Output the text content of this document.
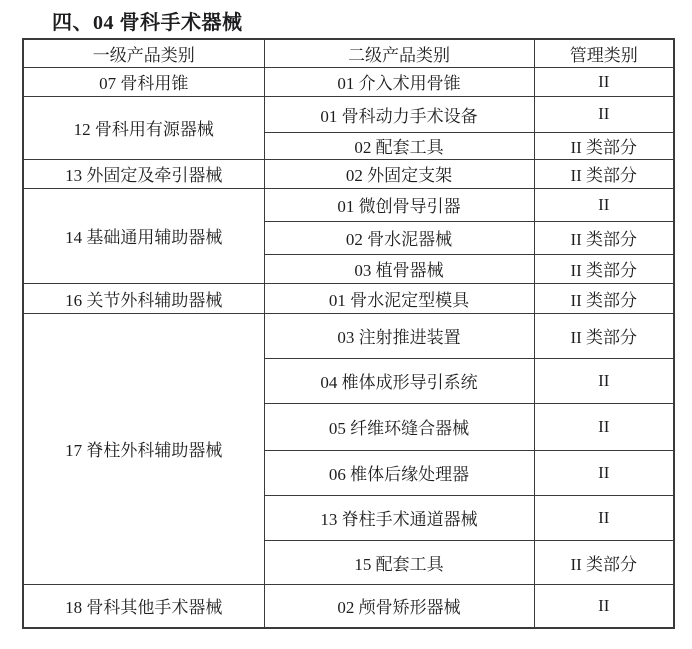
四、04 骨科手术器械
一级产品类别	二级产品类别	管理类别
07 骨科用锥	01 介入术用骨锥	II
12 骨科用有源器械	01 骨科动力手术设备	II
	02 配套工具	II 类部分
13 外固定及牵引器械	02 外固定支架	II 类部分
14 基础通用辅助器械	01 微创骨导引器	II
	02 骨水泥器械	II 类部分
	03 植骨器械	II 类部分
16 关节外科辅助器械	01 骨水泥定型模具	II 类部分
17 脊柱外科辅助器械	03 注射推进装置	II 类部分
	04 椎体成形导引系统	II
	05 纤维环缝合器械	II
	06 椎体后缘处理器	II
	13 脊柱手术通道器械	II
	15 配套工具	II 类部分
18 骨科其他手术器械	02 颅骨矫形器械	II
